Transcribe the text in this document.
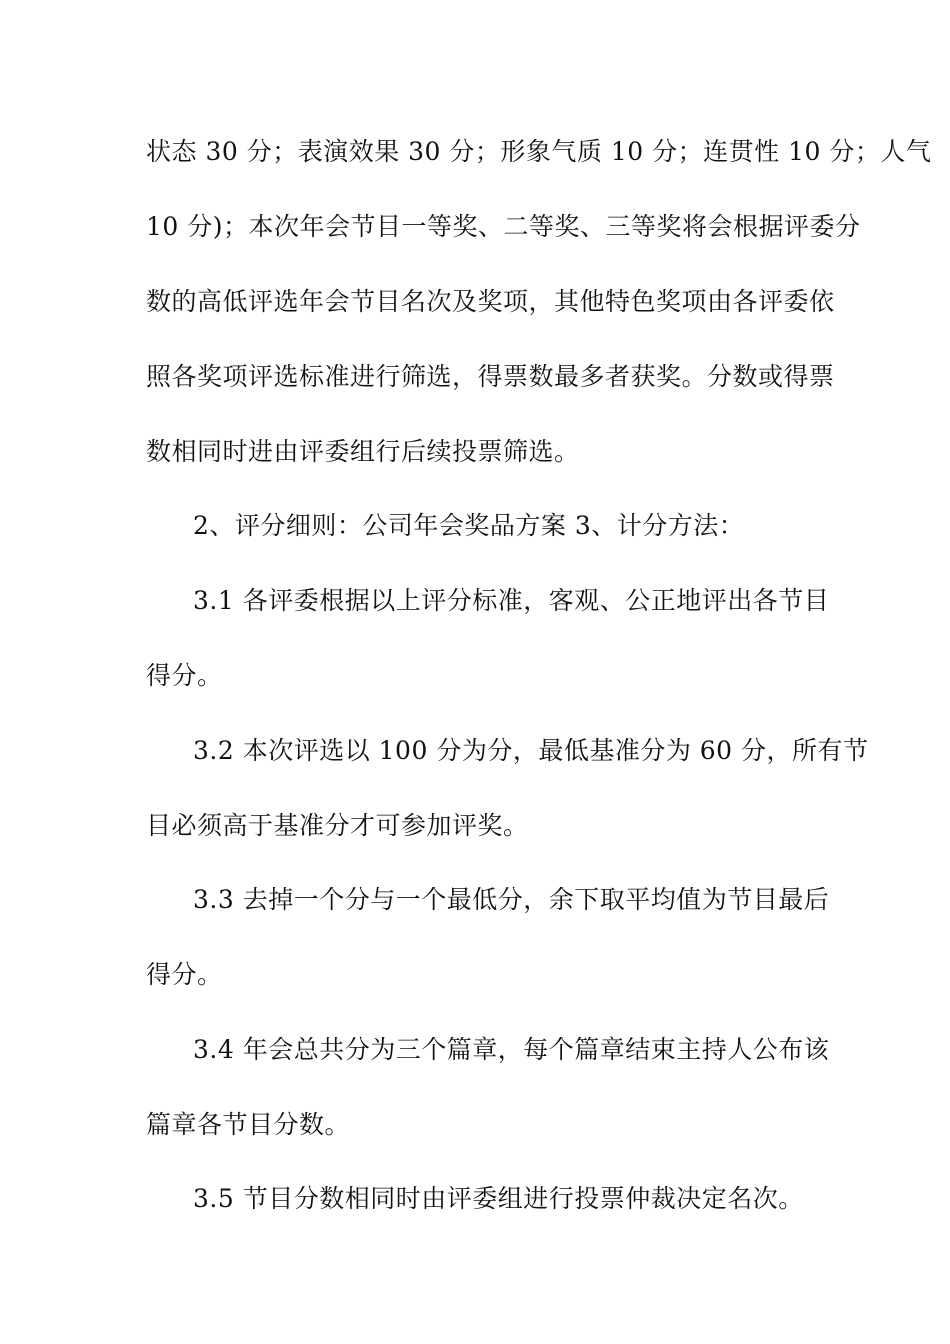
状态 30 分；表演效果 30 分；形象气质 10 分；连贯性 10 分；人气
10 分)；本次年会节目一等奖、二等奖、三等奖将会根据评委分
数的高低评选年会节目名次及奖项，其他特色奖项由各评委依
照各奖项评选标准进行筛选，得票数最多者获奖。分数或得票
数相同时进由评委组行后续投票筛选。
2、评分细则：公司年会奖品方案 3、计分方法：
3.1 各评委根据以上评分标准，客观、公正地评出各节目
得分。
3.2 本次评选以 100 分为分，最低基准分为 60 分，所有节
目必须高于基准分才可参加评奖。
3.3 去掉一个分与一个最低分，余下取平均值为节目最后
得分。
3.4 年会总共分为三个篇章，每个篇章结束主持人公布该
篇章各节目分数。
3.5 节目分数相同时由评委组进行投票仲裁决定名次。
